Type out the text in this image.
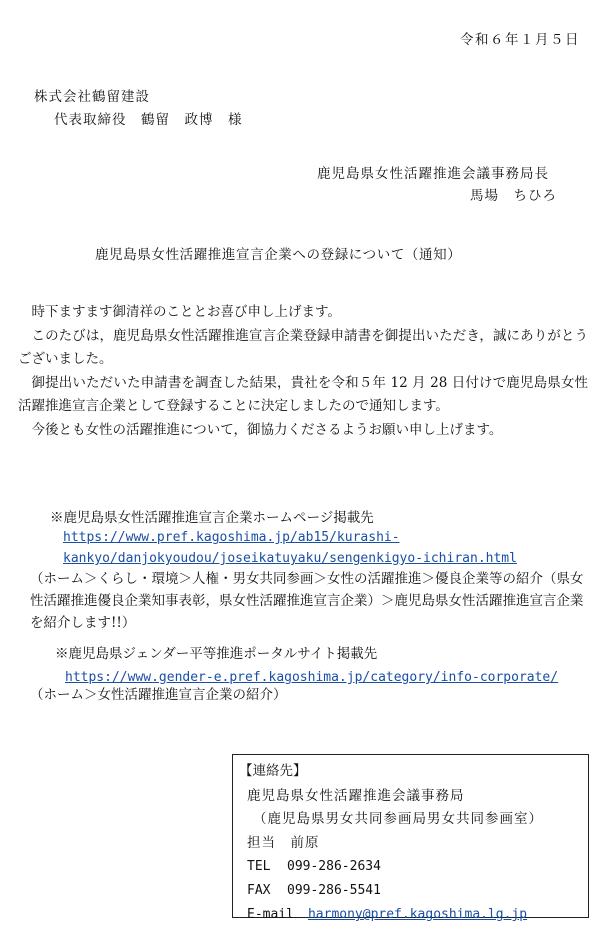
令和６年１月５日
株式会社鶴留建設
代表取締役　鶴留　政博　様
鹿児島県女性活躍推進会議事務局長
馬場　ちひろ
鹿児島県女性活躍推進宣言企業への登録について（通知）

時下ますます御清祥のこととお喜び申し上げます。

このたびは，鹿児島県女性活躍推進宣言企業登録申請書を御提出いただき，誠にありがとうございました。

御提出いただいた申請書を調査した結果，貴社を令和５年 12 月 28 日付けで鹿児島県女性活躍推進宣言企業として登録することに決定しましたので通知します。

今後とも女性の活躍推進について，御協力くださるようお願い申し上げます。

※鹿児島県女性活躍推進宣言企業ホームページ掲載先
https://www.pref.kagoshima.jp/ab15/kurashi-
kankyo/danjokyoudou/joseikatuyaku/sengenkigyo-ichiran.html
（ホーム＞くらし・環境＞人権・男女共同参画＞女性の活躍推進＞優良企業等の紹介（県女性活躍推進優良企業知事表彰，県女性活躍推進宣言企業）＞鹿児島県女性活躍推進宣言企業を紹介します!!）
※鹿児島県ジェンダー平等推進ポータルサイト掲載先
https://www.gender-e.pref.kagoshima.jp/category/info-corporate/
（ホーム＞女性活躍推進宣言企業の紹介）
【連絡先】
鹿児島県女性活躍推進会議事務局
（鹿児島県男女共同参画局男女共同参画室）
担当　前原
TEL 099-286-2634
FAX 099-286-5541
E-mail harmony@pref.kagoshima.lg.jp
